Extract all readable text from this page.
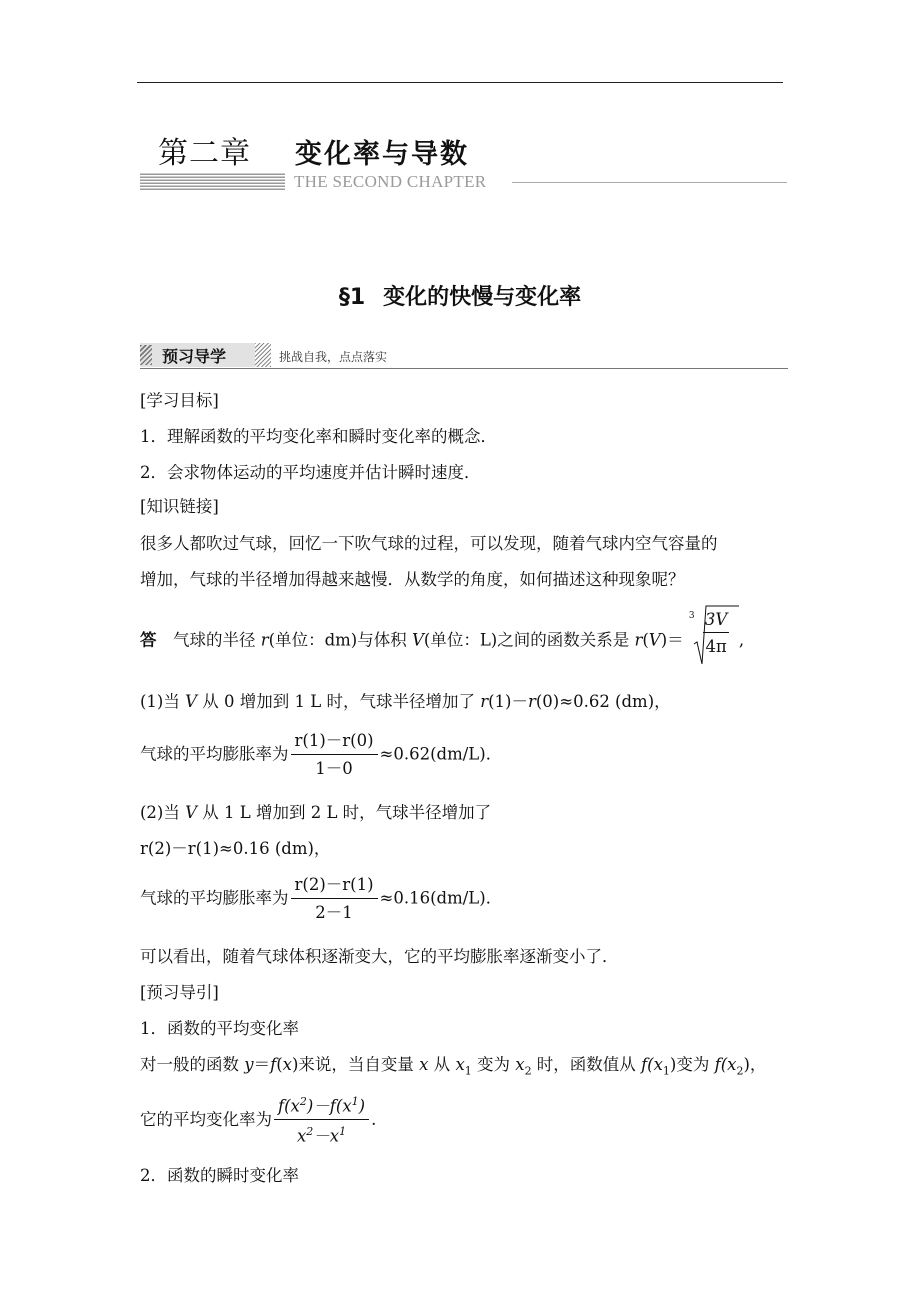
第二章 变化率与导数
THE SECOND CHAPTER
§1 变化的快慢与变化率
预习导学	挑战自我，点点落实
[学习目标]
1．理解函数的平均变化率和瞬时变化率的概念．
2．会求物体运动的平均速度并估计瞬时速度．
[知识链接]
很多人都吹过气球，回忆一下吹气球的过程，可以发现，随着气球内空气容量的
增加，气球的半径增加得越来越慢．从数学的角度，如何描述这种现象呢？
答　气球的半径 r(单位：dm)与体积 V(单位：L)之间的函数关系是 r(V)＝
$3 \frac{3V}{4\pi}$ ,
(1)当 V 从 0 增加到 1 L 时，气球半径增加了 r(1)－r(0)≈0.62 (dm)，
气球的平均膨胀率为 $\frac{r(1)-r(0)}{1-0} \approx 0.62(dm/L)$．
(2)当 V 从 1 L 增加到 2 L 时，气球半径增加了
r(2)－r(1)≈0.16 (dm)，
气球的平均膨胀率为 $\frac{r(2)-r(1)}{2-1} \approx 0.16(dm/L)$．
可以看出，随着气球体积逐渐变大，它的平均膨胀率逐渐变小了．
[预习导引]
1．函数的平均变化率
对一般的函数 y＝f(x)来说，当自变量 x 从 $x_1$ 变为 $x_2$ 时，函数值从 $f(x_1)$变为 $f(x_2)$，
它的平均变化率为 $\frac{f(x^2)-f(x^1)}{x^2-x^1}$ .
2．函数的瞬时变化率
